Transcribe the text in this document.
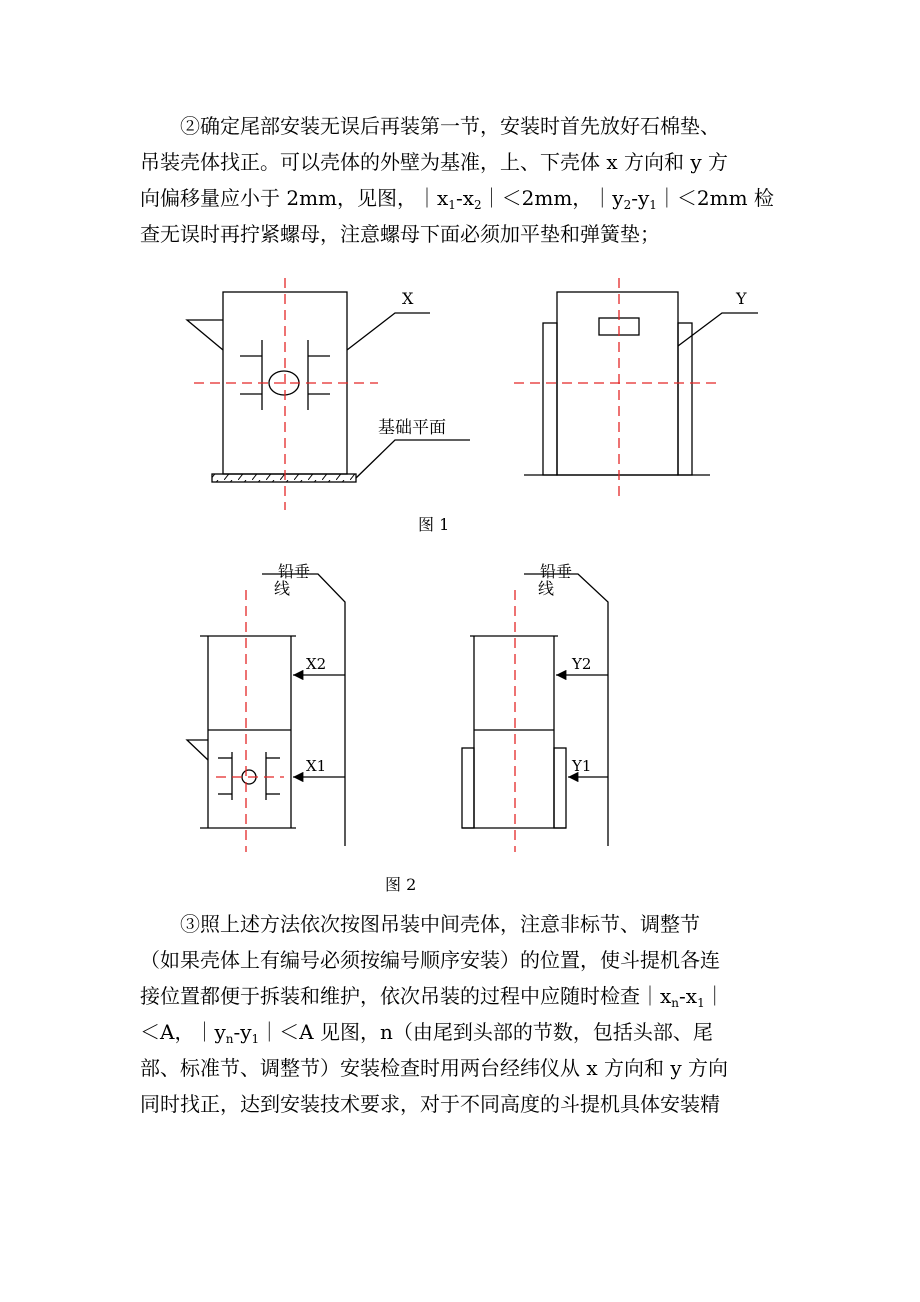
②确定尾部安装无误后再装第一节，安装时首先放好石棉垫、
吊装壳体找正。可以壳体的外壁为基准，上、下壳体 x 方向和 y 方
向偏移量应小于 2mm，见图，$|x_1-x_2|<2mm$，$|y_2-y_1|<2mm$ 检
查无误时再拧紧螺母，注意螺母下面必须加平垫和弹簧垫；
X
基础平面
Y
图 1
铅垂
线
X2
X1
铅垂
线
Y2
Y1
图 2
③照上述方法依次按图吊装中间壳体，注意非标节、调整节
（如果壳体上有编号必须按编号顺序安装）的位置，使斗提机各连
接位置都便于拆装和维护，依次吊装的过程中应随时检查$|x_n-x_1|$
＜A，$|y_n-y_1|<A$ 见图，n（由尾到头部的节数，包括头部、尾
部、标准节、调整节）安装检查时用两台经纬仪从 x 方向和 y 方向
同时找正，达到安装技术要求，对于不同高度的斗提机具体安装精
